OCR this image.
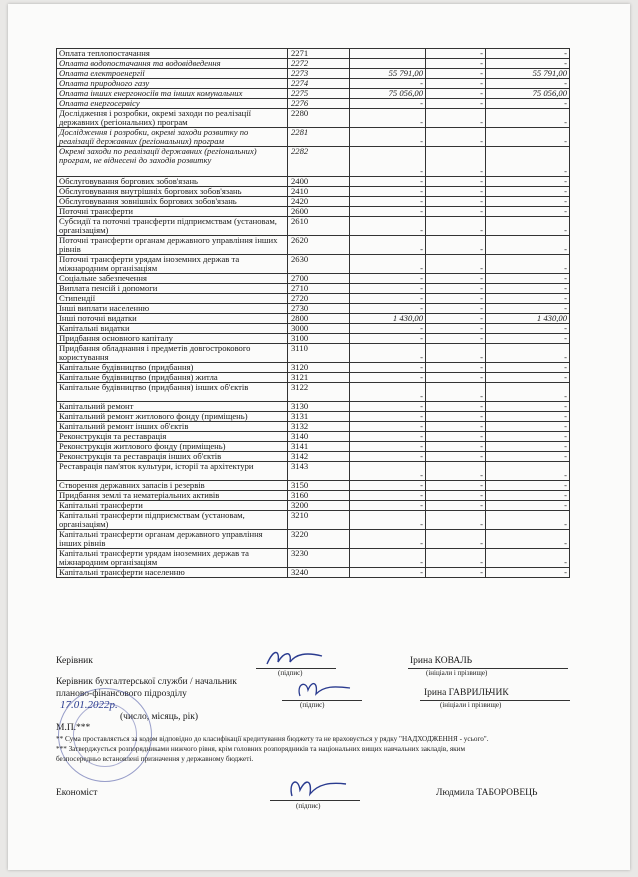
Оплата теплопостачання	2271		-	-
Оплата водопостачання та водовідведення	2272		-	-
Оплата електроенергії	2273	55 791,00	-	55 791,00
Оплата природного газу	2274	-	-	-
Оплата інших енергоносіїв та інших комунальних	2275	75 056,00	-	75 056,00
Оплата енергосервісу	2276	-	-	-
Дослідження і розробки, окремі заходи по реалізації державних (регіональних) програм	2280	-	-	-
Дослідження і розробки, окремі заходи розвитку по реалізації державних (регіональних) програм	2281	-	-	-
Окремі заходи по реалізації державних (регіональних) програм, не віднесені до заходів розвитку	2282	-	-	-
Обслуговування боргових зобов'язань	2400	-	-	-
Обслуговування внутрішніх боргових зобов'язань	2410	-	-	-
Обслуговування зовнішніх боргових зобов'язань	2420	-	-	-
Поточні трансферти	2600	-	-	-
Субсидії та поточні трансферти підприємствам (установам, організаціям)	2610	-	-	-
Поточні трансферти органам державного управління інших рівнів	2620	-	-	-
Поточні трансферти урядам іноземних держав та міжнародним організаціям	2630	-	-	-
Соціальне забезпечення	2700	-	-	-
Виплата пенсій і допомоги	2710	-	-	-
Стипендії	2720	-	-	-
Інші виплати населенню	2730	-	-	-
Інші поточні видатки	2800	1 430,00	-	1 430,00
Капітальні видатки	3000	-	-	-
Придбання основного капіталу	3100	-	-	-
Придбання обладнання і предметів довгострокового користування	3110	-	-	-
Капітальне будівництво (придбання)	3120	-	-	-
Капітальне будівництво (придбання) житла	3121	-	-	-
Капітальне будівництво (придбання) інших об'єктів	3122	-	-	-
Капітальний ремонт	3130	-	-	-
Капітальний ремонт житлового фонду (приміщень)	3131	-	-	-
Капітальний ремонт інших об'єктів	3132	-	-	-
Реконструкція та реставрація	3140	-	-	-
Реконструкція житлового фонду (приміщень)	3141	-	-	-
Реконструкція та реставрація інших об'єктів	3142	-	-	-
Реставрація пам'яток культури, історії та архітектури	3143	-	-	-
Створення державних запасів і резервів	3150	-	-	-
Придбання землі та нематеріальних активів	3160	-	-	-
Капітальні трансферти	3200	-	-	-
Капітальні трансферти підприємствам (установам, організаціям)	3210	-	-	-
Капітальні трансферти органам державного управління інших рівнів	3220	-	-	-
Капітальні трансферти урядам іноземних держав та міжнародним організаціям	3230	-	-	-
Капітальні трансферти населенню	3240	-	-	-
Керівник
(підпис)
Ірина КОВАЛЬ
(ініціали і прізвище)
Керівник бухгалтерської служби / начальник
планово-фінансового підрозділу
(підпис)
Ірина ГАВРИЛЬЧИК
(ініціали і прізвище)
17.01.2022р.
(число, місяць, рік)
М.П.***
** Сума проставляється за кодом відповідно до класифікації кредитування бюджету та не враховується у рядку "НАДХОДЖЕННЯ - усього".
*** Затверджується розпорядниками нижчого рівня, крім головних розпорядників та національних вищих навчальних закладів, яким
безпосередньо встановлені призначення у державному бюджеті.
Економіст
(підпис)
Людмила ТАБОРОВЕЦЬ
